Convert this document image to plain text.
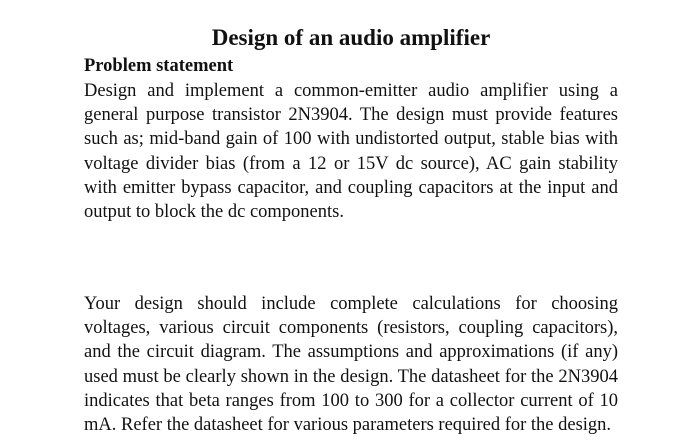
Design of an audio amplifier
Problem statement

Design and implement a common-emitter audio amplifier using a general purpose transistor 2N3904. The design must provide features such as; mid-band gain of 100 with undistorted output, stable bias with voltage divider bias (from a 12 or 15V dc source), AC gain stability with emitter bypass capacitor, and coupling capacitors at the input and output to block the dc components.

Your design should include complete calculations for choosing voltages, various circuit components (resistors, coupling capacitors), and the circuit diagram. The assumptions and approximations (if any) used must be clearly shown in the design. The datasheet for the 2N3904 indicates that beta ranges from 100 to 300 for a collector current of 10 mA. Refer the datasheet for various parameters required for the design.
